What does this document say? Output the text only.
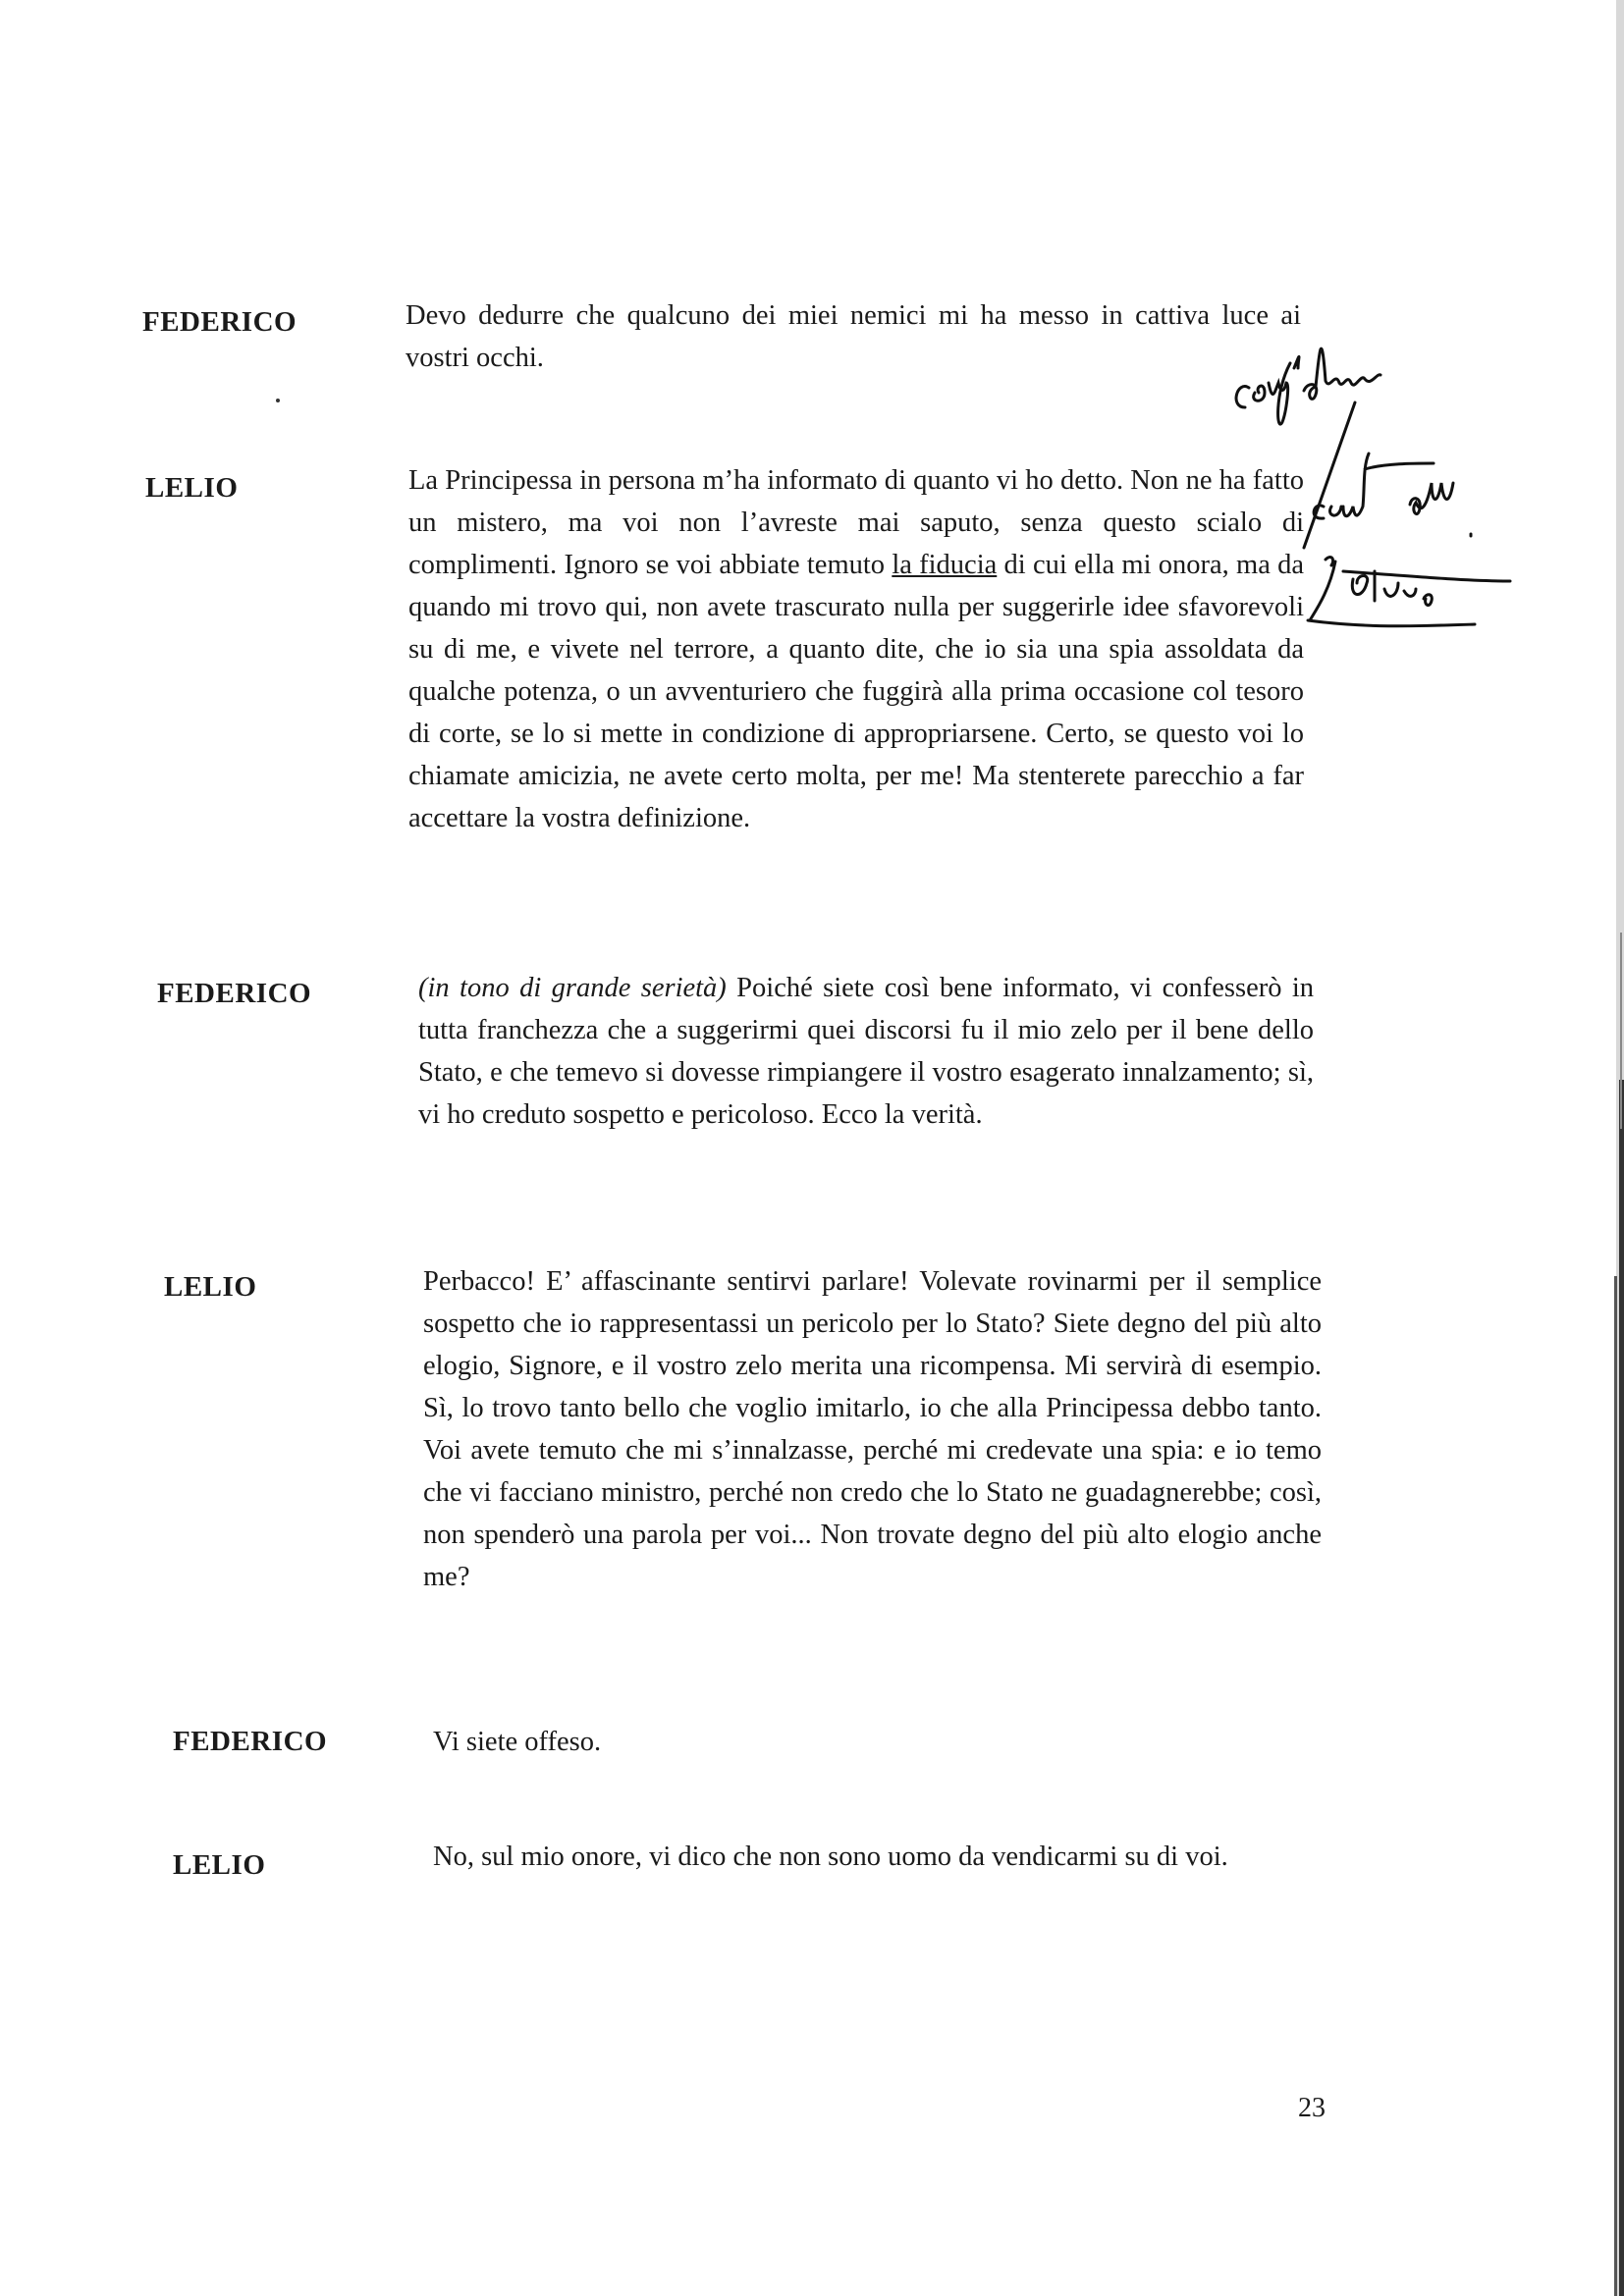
FEDERICO	Devo dedurre che qualcuno dei miei nemici mi ha messo in cattiva luce ai vostri occhi.
LELIO	La Principessa in persona m’ha informato di quanto vi ho detto. Non ne ha fatto un mistero, ma voi non l’avreste mai saputo, senza questo scialo di complimenti. Ignoro se voi abbiate temuto la fiducia di cui ella mi onora, ma da quando mi trovo qui, non avete trascurato nulla per suggerirle idee sfavorevoli su di me, e vivete nel terrore, a quanto dite, che io sia una spia assoldata da qualche potenza, o un avventuriero che fuggirà alla prima occasione col tesoro di corte, se lo si mette in condizione di appropriarsene. Certo, se questo voi lo chiamate amicizia, ne avete certo molta, per me! Ma stenterete parecchio a far accettare la vostra definizione.
FEDERICO	(in tono di grande serietà) Poiché siete così bene informato, vi confesserò in tutta franchezza che a suggerirmi quei discorsi fu il mio zelo per il bene dello Stato, e che temevo si dovesse rimpiangere il vostro esagerato innalzamento; sì, vi ho creduto sospetto e pericoloso. Ecco la verità.
LELIO	Perbacco! E’ affascinante sentirvi parlare! Volevate rovinarmi per il semplice sospetto che io rappresentassi un pericolo per lo Stato? Siete degno del più alto elogio, Signore, e il vostro zelo merita una ricompensa. Mi servirà di esempio. Sì, lo trovo tanto bello che voglio imitarlo, io che alla Principessa debbo tanto. Voi avete temuto che mi s’innalzasse, perché mi credevate una spia: e io temo che vi facciano ministro, perché non credo che lo Stato ne guadagnerebbe; così, non spenderò una parola per voi... Non trovate degno del più alto elogio anche me?
FEDERICO	Vi siete offeso.
LELIO	No, sul mio onore, vi dico che non sono uomo da vendicarmi su di voi.
23
